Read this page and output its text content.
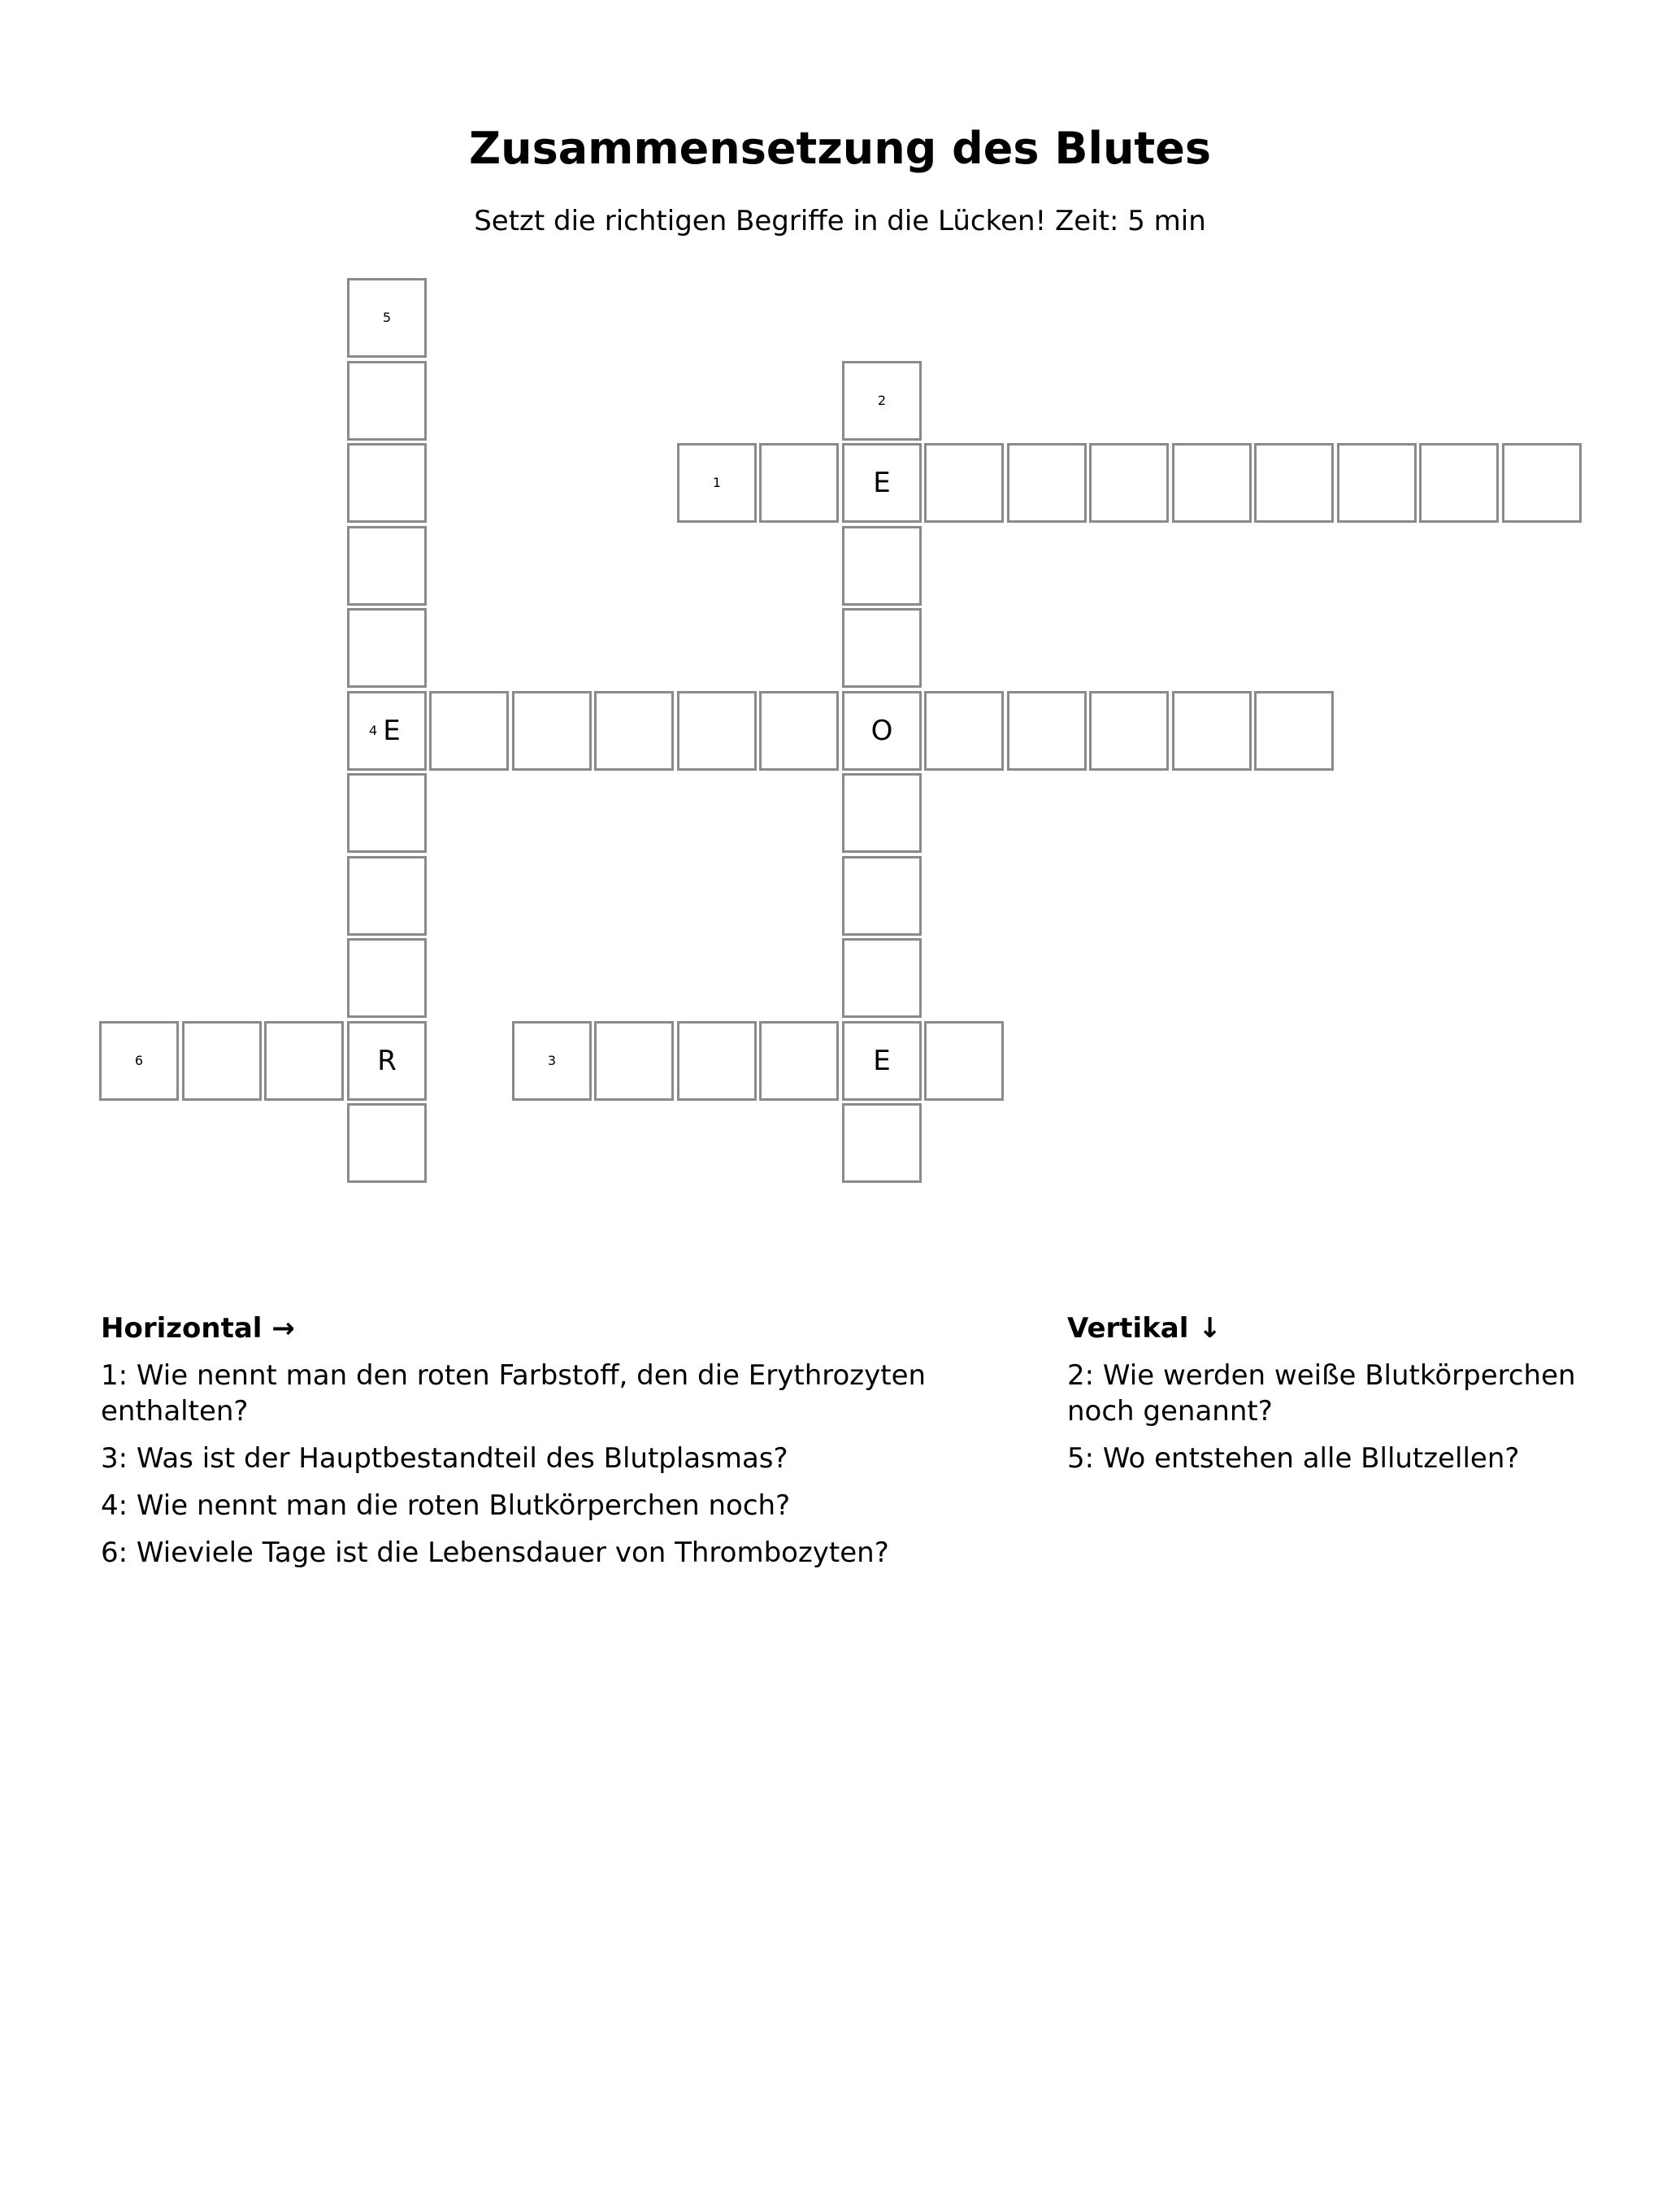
Zusammensetzung des Blutes
Setzt die richtigen Begriffe in die Lücken! Zeit: 5 min
1	E
2
O
E
3
4 E
5
R
6
Horizontal →
1: Wie nennt man den roten Farbstoff, den die Erythrozyten enthalten?
3: Was ist der Hauptbestandteil des Blutplasmas?
4: Wie nennt man die roten Blutkörperchen noch?
6: Wieviele Tage ist die Lebensdauer von Thrombozyten?
Vertikal ↓
2: Wie werden weiße Blutkörperchen noch genannt?
5: Wo entstehen alle Bllutzellen?
